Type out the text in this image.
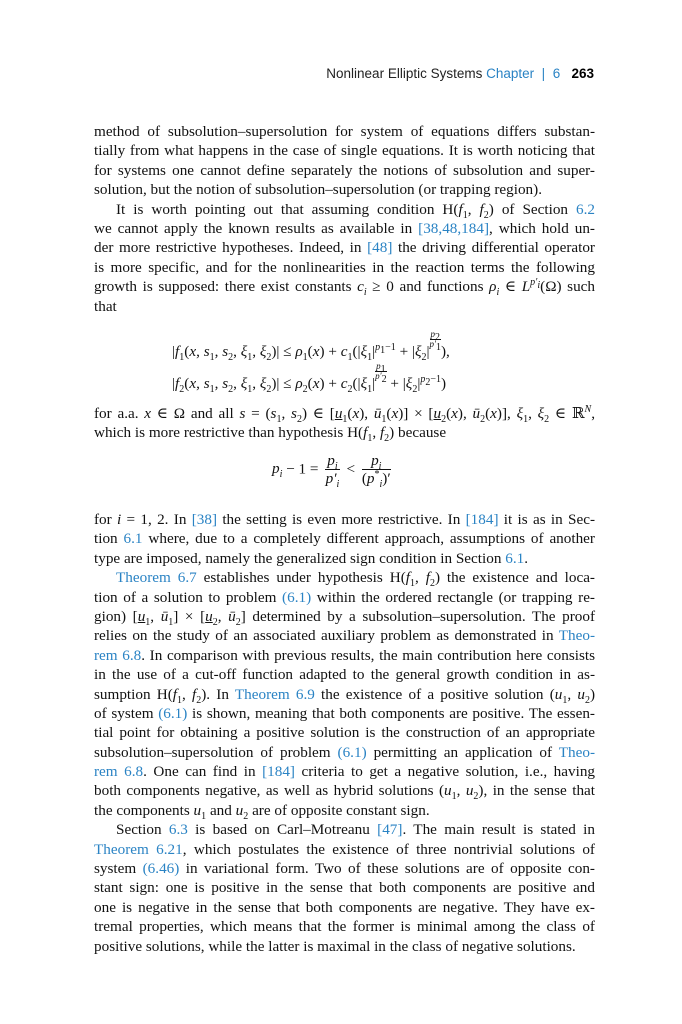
Nonlinear Elliptic Systems Chapter | 6 263
method of subsolution–supersolution for system of equations differs substan-
tially from what happens in the case of single equations. It is worth noticing that
for systems one cannot define separately the notions of subsolution and super-
solution, but the notion of subsolution–supersolution (or trapping region).
It is worth pointing out that assuming condition $H(f_1$, $f_2$) of Section 6.2
we cannot apply the known results as available in [38,48,184], which hold un-
der more restrictive hypotheses. Indeed, in [48] the driving differential operator
is more specific, and for the nonlinearities in the reaction terms the following
growth is supposed: there exist constants $c_i \ge 0$ and functions $\rho_i$ ∈ $L^{p'_i}(\Omega)$ such
that
$|f_1(x$, $s_1$, $s_2$, $\xi_1$, $\xi_2)| \le \rho_1(x) + c_1(|\xi_1|^{p_1-1} + |\xi_2|$
$\frac{p_2}{p'_1}$),
$|f_2(x$, $s_1$, $s_2$, $\xi_1$, $\xi_2)| \le \rho_2(x) + c_2(|\xi_1|$
$\frac{p_1}{p'_2} + |\xi_2|^{p_2-1}$)
for a.a. x ∈ Ω and all $s = (s_1$, $s_2$) ∈ [$u_1(x)$, $ū_1(x)] \times [u_2(x)$, $ū_2(x)$], $\xi_1$, $\xi_2$ ∈ ℝ$^N$,
which is more restrictive than hypothesis $H(f_1$, $f_2$) because
$p_i - 1 = \frac{p_i}{p'_i} < \frac{p_i}{(p^*_i)'}$
for i = 1, 2. In [38] the setting is even more restrictive. In [184] it is as in Sec-
tion 6.1 where, due to a completely different approach, assumptions of another
type are imposed, namely the generalized sign condition in Section 6.1.
Theorem 6.7 establishes under hypothesis $H(f_1$, $f_2$) the existence and loca-
tion of a solution to problem (6.1) within the ordered rectangle (or trapping re-
gion) [$u_1$, $ū_1] \times [u_2$, $ū_2$] determined by a subsolution–supersolution. The proof
relies on the study of an associated auxiliary problem as demonstrated in Theo-
rem 6.8. In comparison with previous results, the main contribution here consists
in the use of a cut-off function adapted to the general growth condition in as-
sumption $H(f_1$, $f_2$). In Theorem 6.9 the existence of a positive solution ($u_1$, $u_2$)
of system (6.1) is shown, meaning that both components are positive. The essen-
tial point for obtaining a positive solution is the construction of an appropriate
subsolution–supersolution of problem (6.1) permitting an application of Theo-
rem 6.8. One can find in [184] criteria to get a negative solution, i.e., having
both components negative, as well as hybrid solutions ($u_1$, $u_2$), in the sense that
the components $u_1$ and $u_2$ are of opposite constant sign.
Section 6.3 is based on Carl–Motreanu [47]. The main result is stated in
Theorem 6.21, which postulates the existence of three nontrivial solutions of
system (6.46) in variational form. Two of these solutions are of opposite con-
stant sign: one is positive in the sense that both components are positive and
one is negative in the sense that both components are negative. They have ex-
tremal properties, which means that the former is minimal among the class of
positive solutions, while the latter is maximal in the class of negative solutions.
